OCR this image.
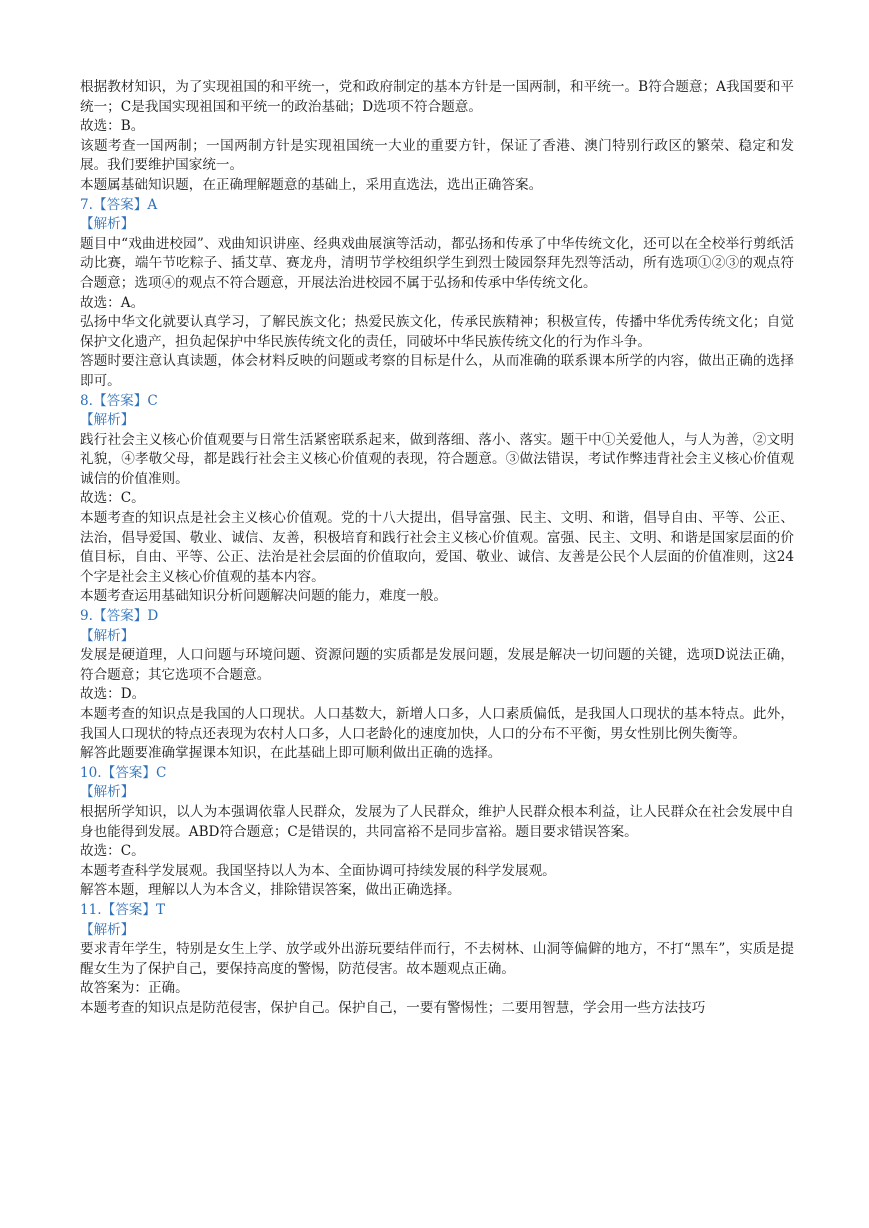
根据教材知识，为了实现祖国的和平统一，党和政府制定的基本方针是一国两制，和平统一。B符合题意；A我国要和平统一；C是我国实现祖国和平统一的政治基础；D选项不符合题意。

故选：B。

该题考查一国两制；一国两制方针是实现祖国统一大业的重要方针，保证了香港、澳门特别行政区的繁荣、稳定和发展。我们要维护国家统一。

本题属基础知识题，在正确理解题意的基础上，采用直选法，选出正确答案。

7.【答案】A

【解析】

题目中“戏曲进校园”、戏曲知识讲座、经典戏曲展演等活动，都弘扬和传承了中华传统文化，还可以在全校举行剪纸活动比赛，端午节吃粽子、插艾草、赛龙舟，清明节学校组织学生到烈士陵园祭拜先烈等活动，所有选项①②③的观点符合题意；选项④的观点不符合题意，开展法治进校园不属于弘扬和传承中华传统文化。

故选：A。

弘扬中华文化就要认真学习，了解民族文化；热爱民族文化，传承民族精神；积极宣传，传播中华优秀传统文化；自觉保护文化遗产，担负起保护中华民族传统文化的责任，同破坏中华民族传统文化的行为作斗争。

答题时要注意认真读题，体会材料反映的问题或考察的目标是什么，从而准确的联系课本所学的内容，做出正确的选择即可。

8.【答案】C

【解析】

践行社会主义核心价值观要与日常生活紧密联系起来，做到落细、落小、落实。题干中①关爱他人，与人为善，②文明礼貌，④孝敬父母，都是践行社会主义核心价值观的表现，符合题意。③做法错误，考试作弊违背社会主义核心价值观诚信的价值准则。

故选：C。

本题考查的知识点是社会主义核心价值观。党的十八大提出，倡导富强、民主、文明、和谐，倡导自由、平等、公正、法治，倡导爱国、敬业、诚信、友善，积极培育和践行社会主义核心价值观。富强、民主、文明、和谐是国家层面的价值目标，自由、平等、公正、法治是社会层面的价值取向，爱国、敬业、诚信、友善是公民个人层面的价值准则，这24个字是社会主义核心价值观的基本内容。

本题考查运用基础知识分析问题解决问题的能力，难度一般。

9.【答案】D

【解析】

发展是硬道理，人口问题与环境问题、资源问题的实质都是发展问题，发展是解决一切问题的关键，选项D说法正确，符合题意；其它选项不合题意。

故选：D。

本题考查的知识点是我国的人口现状。人口基数大，新增人口多，人口素质偏低，是我国人口现状的基本特点。此外，我国人口现状的特点还表现为农村人口多，人口老龄化的速度加快，人口的分布不平衡，男女性别比例失衡等。

解答此题要准确掌握课本知识，在此基础上即可顺利做出正确的选择。

10.【答案】C

【解析】

根据所学知识，以人为本强调依靠人民群众，发展为了人民群众，维护人民群众根本利益，让人民群众在社会发展中自身也能得到发展。ABD符合题意；C是错误的，共同富裕不是同步富裕。题目要求错误答案。

故选：C。

本题考查科学发展观。我国坚持以人为本、全面协调可持续发展的科学发展观。

解答本题，理解以人为本含义，排除错误答案，做出正确选择。

11.【答案】T

【解析】

要求青年学生，特别是女生上学、放学或外出游玩要结伴而行，不去树林、山洞等偏僻的地方，不打“黑车”，实质是提醒女生为了保护自己，要保持高度的警惕，防范侵害。故本题观点正确。

故答案为：正确。

本题考查的知识点是防范侵害，保护自己。保护自己，一要有警惕性；二要用智慧，学会用一些方法技巧
